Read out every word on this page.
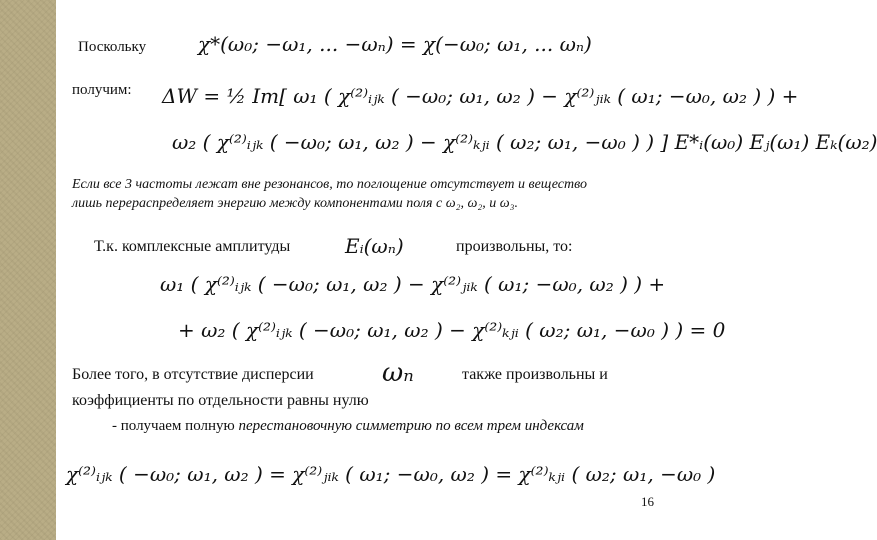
Поскольку	χ*(ω₀; −ω₁, ... −ωₙ) = χ(−ω₀; ω₁, ... ωₙ)
получим: ΔW = ½ Im[ ω₁ ( χ⁽²⁾ᵢⱼₖ ( −ω₀; ω₁, ω₂ ) − χ⁽²⁾ⱼᵢₖ ( ω₁; −ω₀, ω₂ ) ) +
ω₂ ( χ⁽²⁾ᵢⱼₖ ( −ω₀; ω₁, ω₂ ) − χ⁽²⁾ₖⱼᵢ ( ω₂; ω₁, −ω₀ ) ) ] E*ᵢ(ω₀) Eⱼ(ω₁) Eₖ(ω₂)
Если все 3 частоты лежат вне резонансов, то поглощение отсутствует и вещество
лишь перераспределяет энергию между компонентами поля с ω₂, ω₂, и ω₃.
Т.к. комплексные амплитуды	Eᵢ(ωₙ)	произвольны, то:
ω₁ ( χ⁽²⁾ᵢⱼₖ ( −ω₀; ω₁, ω₂ ) − χ⁽²⁾ⱼᵢₖ ( ω₁; −ω₀, ω₂ ) ) +
+ ω₂ ( χ⁽²⁾ᵢⱼₖ ( −ω₀; ω₁, ω₂ ) − χ⁽²⁾ₖⱼᵢ ( ω₂; ω₁, −ω₀ ) ) = 0
Более того, в отсутствие дисперсии	ωₙ	также произвольны и
коэффициенты по отдельности равны нулю
- получаем полную перестановочную симметрию по всем трем индексам
χ⁽²⁾ᵢⱼₖ ( −ω₀; ω₁, ω₂ ) = χ⁽²⁾ⱼᵢₖ ( ω₁; −ω₀, ω₂ ) = χ⁽²⁾ₖⱼᵢ ( ω₂; ω₁, −ω₀ )
16
